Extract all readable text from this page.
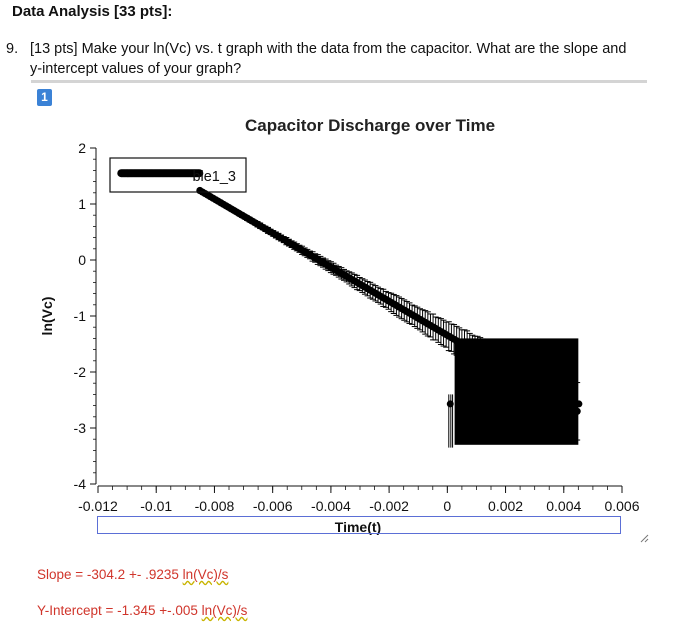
Data Analysis [33 pts]:
9. [13 pts] Make your ln(Vc) vs. t graph with the data from the capacitor. What are the slope and
y-intercept values of your graph?
1
Capacitor Discharge over Time
2
1
0
-1
-2
-3
-4
-0.012 -0.01 -0.008 -0.006 -0.004 -0.002 0	0.002 0.004 0.006
Time(t)
ln(Vc)
ble1_3
Slope = -304.2 +- .9235 ln(Vc)/s
Y-Intercept = -1.345 +-.005 ln(Vc)/s
